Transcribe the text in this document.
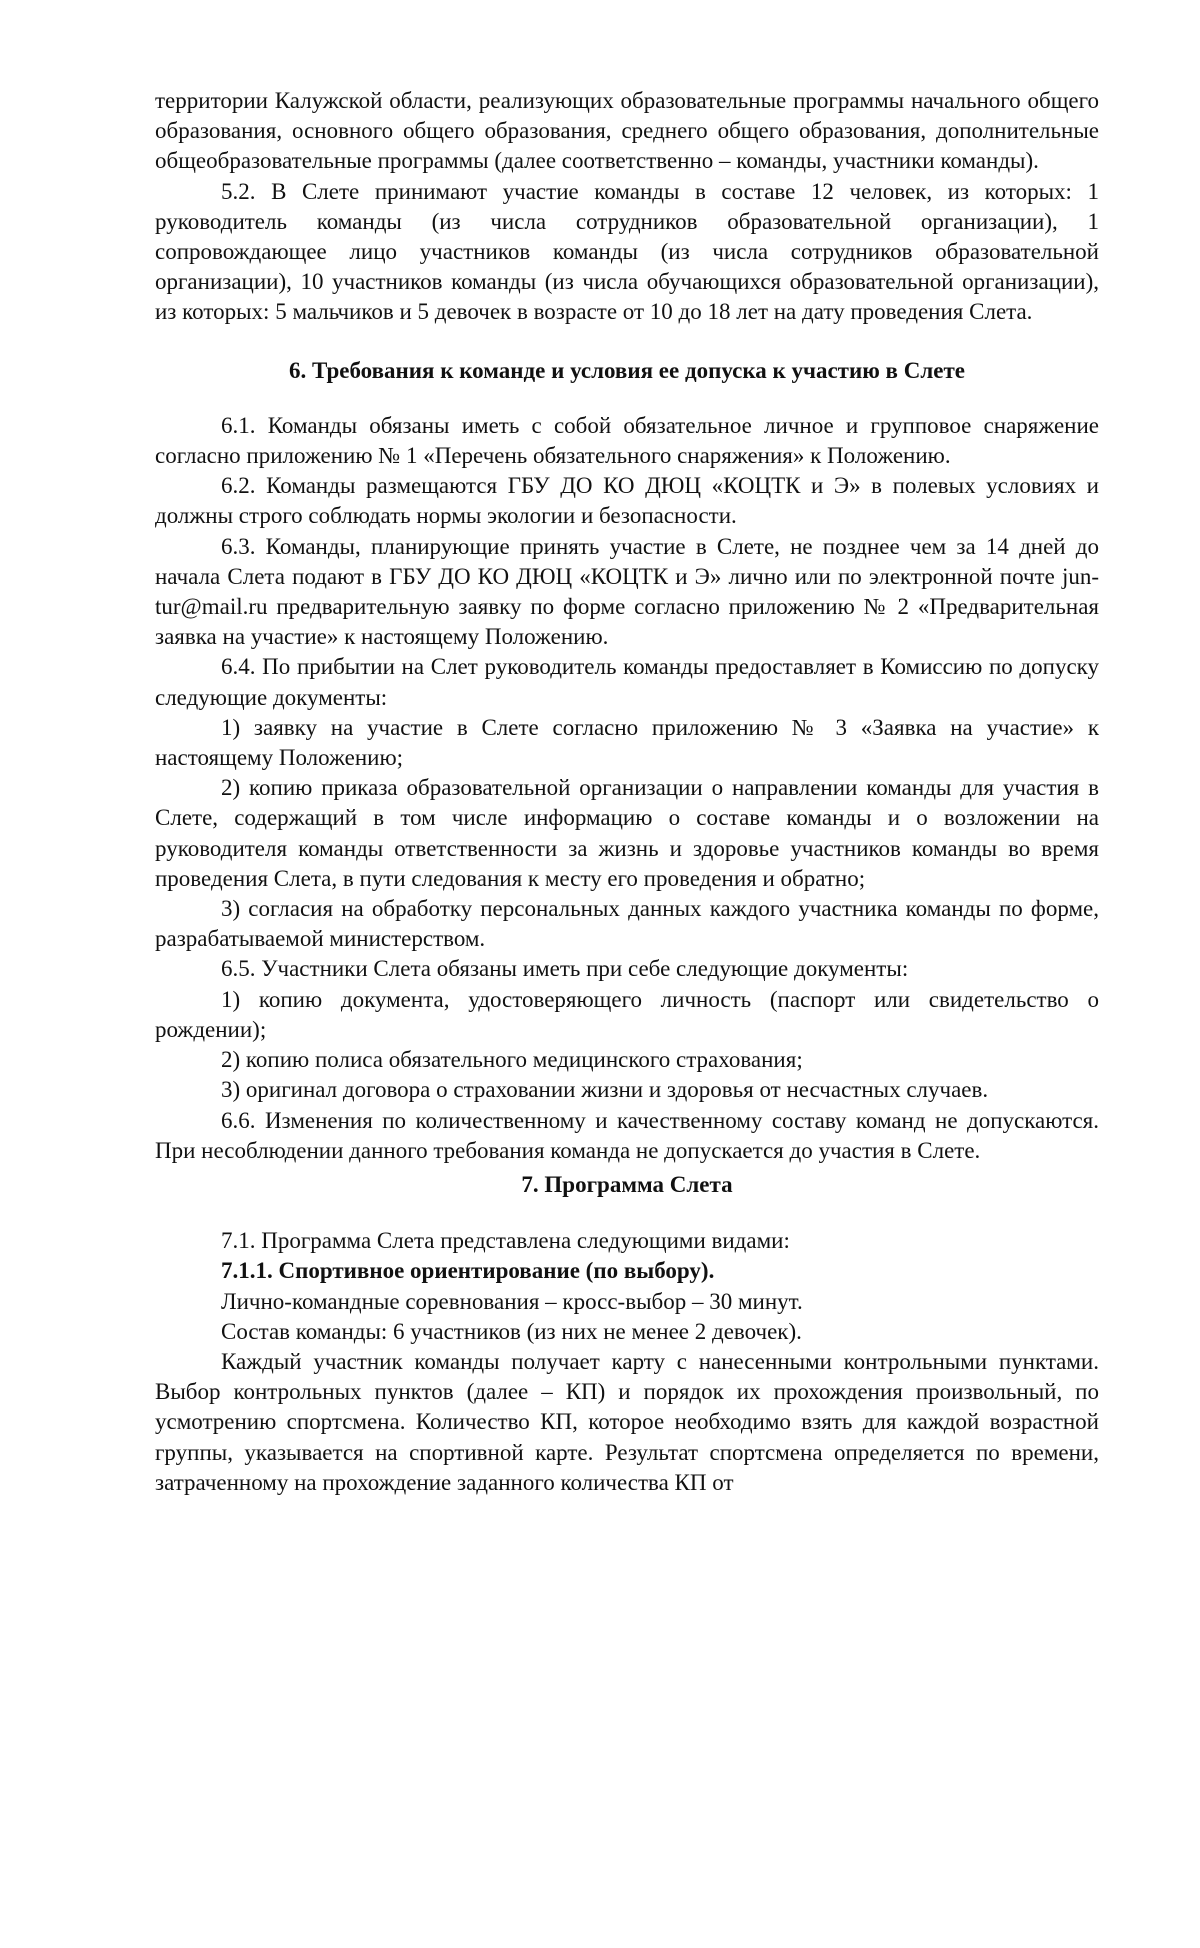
территории Калужской области, реализующих образовательные программы начального общего образования, основного общего образования, среднего общего образования, дополнительные общеобразовательные программы (далее соответственно – команды, участники команды).

5.2. В Слете принимают участие команды в составе 12 человек, из которых: 1 руководитель команды (из числа сотрудников образовательной организации), 1 сопровождающее лицо участников команды (из числа сотрудников образовательной организации), 10 участников команды (из числа обучающихся образовательной организации), из которых: 5 мальчиков и 5 девочек в возрасте от 10 до 18 лет на дату проведения Слета.

6. Требования к команде и условия ее допуска к участию в Слете

6.1. Команды обязаны иметь с собой обязательное личное и групповое снаряжение согласно приложению № 1 «Перечень обязательного снаряжения» к Положению.

6.2. Команды размещаются ГБУ ДО КО ДЮЦ «КОЦТК и Э» в полевых условиях и должны строго соблюдать нормы экологии и безопасности.

6.3. Команды, планирующие принять участие в Слете, не позднее чем за 14 дней до начала Слета подают в ГБУ ДО КО ДЮЦ «КОЦТК и Э» лично или по электронной почте jun-tur@mail.ru предварительную заявку по форме согласно приложению № 2 «Предварительная заявка на участие» к настоящему Положению.

6.4. По прибытии на Слет руководитель команды предоставляет в Комиссию по допуску следующие документы:

1) заявку на участие в Слете согласно приложению № 3 «Заявка на участие» к настоящему Положению;

2) копию приказа образовательной организации о направлении команды для участия в Слете, содержащий в том числе информацию о составе команды и о возложении на руководителя команды ответственности за жизнь и здоровье участников команды во время проведения Слета, в пути следования к месту его проведения и обратно;

3) согласия на обработку персональных данных каждого участника команды по форме, разрабатываемой министерством.

6.5. Участники Слета обязаны иметь при себе следующие документы:

1) копию документа, удостоверяющего личность (паспорт или свидетельство о рождении);

2) копию полиса обязательного медицинского страхования;

3) оригинал договора о страховании жизни и здоровья от несчастных случаев.

6.6. Изменения по количественному и качественному составу команд не допускаются. При несоблюдении данного требования команда не допускается до участия в Слете.

7. Программа Слета

7.1. Программа Слета представлена следующими видами:

7.1.1. Спортивное ориентирование (по выбору).

Лично-командные соревнования – кросс-выбор – 30 минут.

Состав команды: 6 участников (из них не менее 2 девочек).

Каждый участник команды получает карту с нанесенными контрольными пунктами. Выбор контрольных пунктов (далее – КП) и порядок их прохождения произвольный, по усмотрению спортсмена. Количество КП, которое необходимо взять для каждой возрастной группы, указывается на спортивной карте. Результат спортсмена определяется по времени, затраченному на прохождение заданного количества КП от
